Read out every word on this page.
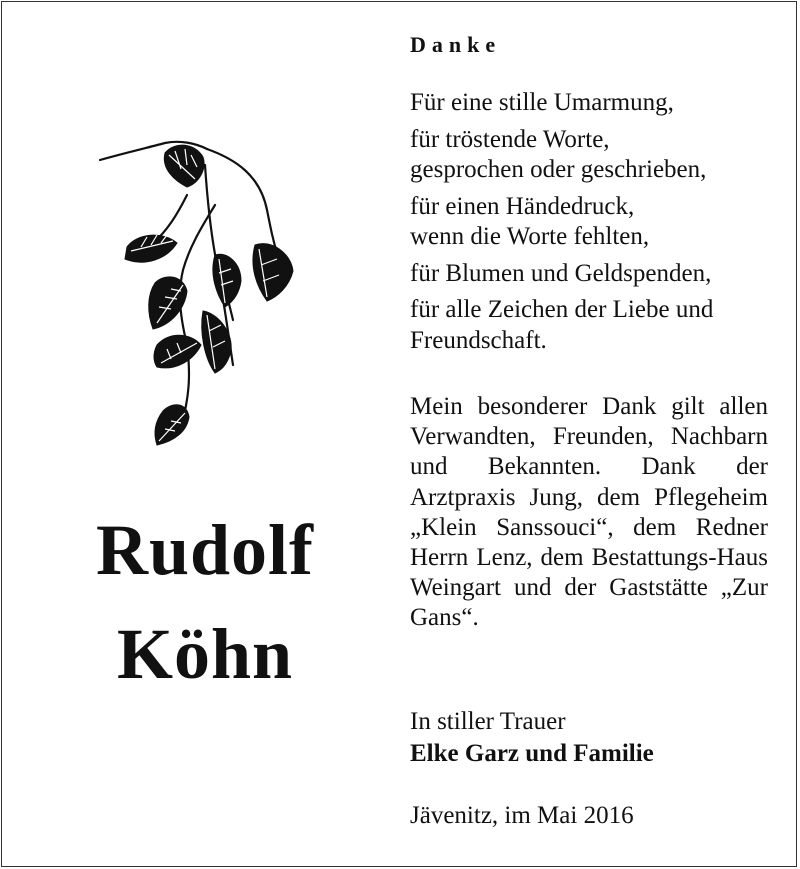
Rudolf
Köhn
Danke
Für eine stille Umarmung,
für tröstende Worte,
gesprochen oder geschrieben,
für einen Händedruck,
wenn die Worte fehlten,
für Blumen und Geldspenden,
für alle Zeichen der Liebe und
Freundschaft.
Mein besonderer Dank gilt allen Verwandten, Freunden, Nachbarn und Bekannten. Dank der Arztpraxis Jung, dem Pflegeheim „Klein Sanssouci“, dem Redner Herrn Lenz, dem Bestattungs-Haus Weingart und der Gaststätte „Zur Gans“.
In stiller Trauer
Elke Garz und Familie
Jävenitz, im Mai 2016
